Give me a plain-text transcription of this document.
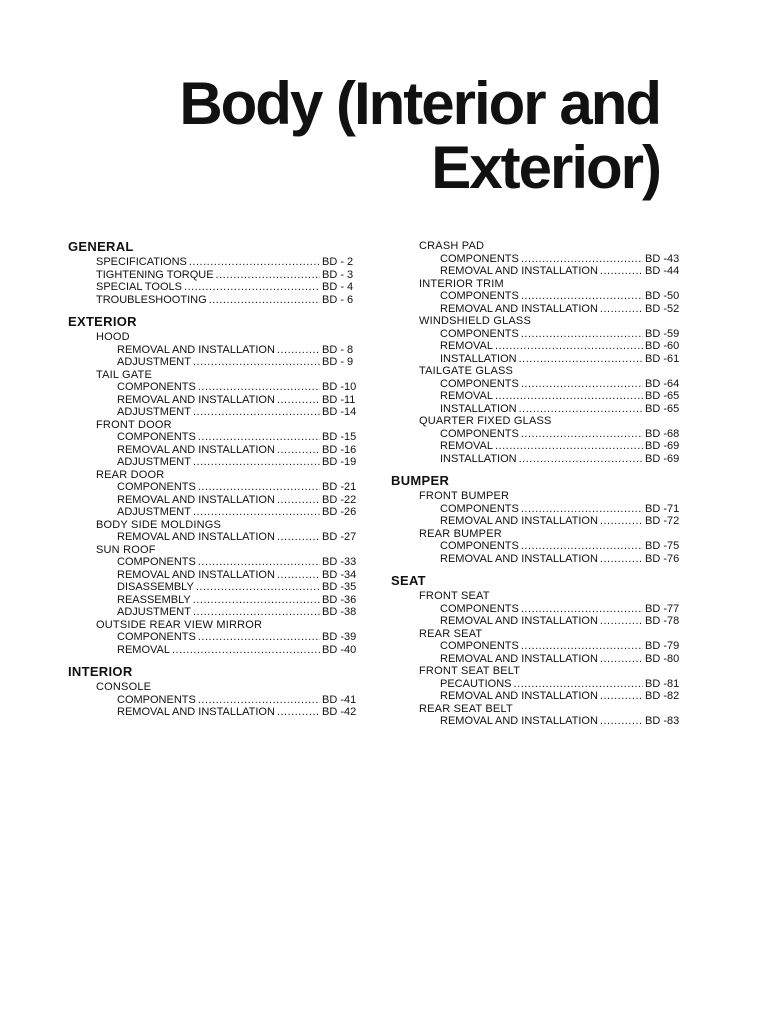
Body (Interior and
Exterior)
GENERAL
SPECIFICATIONS .....	BD - 2
TIGHTENING TORQUE .....	BD - 3
SPECIAL TOOLS .....	BD - 4
TROUBLESHOOTING .....	BD - 6
EXTERIOR
HOOD
REMOVAL AND INSTALLATION .....	BD - 8
ADJUSTMENT .....	BD - 9
TAIL GATE
COMPONENTS .....	BD -10
REMOVAL AND INSTALLATION .....	BD -11
ADJUSTMENT .....	BD -14
FRONT DOOR
COMPONENTS .....	BD -15
REMOVAL AND INSTALLATION .....	BD -16
ADJUSTMENT .....	BD -19
REAR DOOR
COMPONENTS .....	BD -21
REMOVAL AND INSTALLATION .....	BD -22
ADJUSTMENT .....	BD -26
BODY SIDE MOLDINGS
REMOVAL AND INSTALLATION .....	BD -27
SUN ROOF
COMPONENTS .....	BD -33
REMOVAL AND INSTALLATION .....	BD -34
DISASSEMBLY .....	BD -35
REASSEMBLY .....	BD -36
ADJUSTMENT .....	BD -38
OUTSIDE REAR VIEW MIRROR
COMPONENTS .....	BD -39
REMOVAL .....	BD -40
INTERIOR
CONSOLE
COMPONENTS .....	BD -41
REMOVAL AND INSTALLATION .....	BD -42
CRASH PAD
COMPONENTS .....	BD -43
REMOVAL AND INSTALLATION .....	BD -44
INTERIOR TRIM
COMPONENTS .....	BD -50
REMOVAL AND INSTALLATION .....	BD -52
WINDSHIELD GLASS
COMPONENTS .....	BD -59
REMOVAL .....	BD -60
INSTALLATION .....	BD -61
TAILGATE GLASS
COMPONENTS .....	BD -64
REMOVAL .....	BD -65
INSTALLATION .....	BD -65
QUARTER FIXED GLASS
COMPONENTS .....	BD -68
REMOVAL .....	BD -69
INSTALLATION .....	BD -69
BUMPER
FRONT BUMPER
COMPONENTS .....	BD -71
REMOVAL AND INSTALLATION .....	BD -72
REAR BUMPER
COMPONENTS .....	BD -75
REMOVAL AND INSTALLATION .....	BD -76
SEAT
FRONT SEAT
COMPONENTS .....	BD -77
REMOVAL AND INSTALLATION .....	BD -78
REAR SEAT
COMPONENTS .....	BD -79
REMOVAL AND INSTALLATION .....	BD -80
FRONT SEAT BELT
PECAUTIONS .....	BD -81
REMOVAL AND INSTALLATION .....	BD -82
REAR SEAT BELT
REMOVAL AND INSTALLATION .....	BD -83
